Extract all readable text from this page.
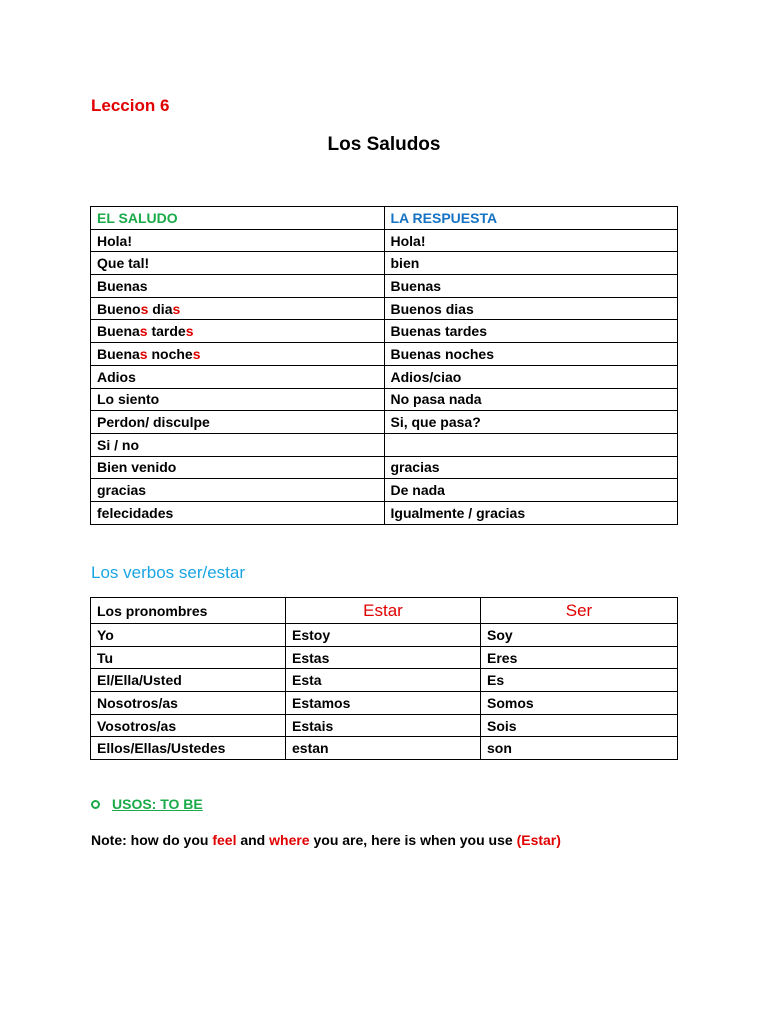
Leccion 6
Los Saludos
EL SALUDO	LA RESPUESTA
Hola!	Hola!
Que tal!	bien
Buenas	Buenas
Buenos dias	Buenos dias
Buenas tardes	Buenas tardes
Buenas noches	Buenas noches
Adios	Adios/ciao
Lo siento	No pasa nada
Perdon/ disculpe	Si, que pasa?
Si / no	
Bien venido	gracias
gracias	De nada
felecidades	Igualmente / gracias
Los verbos ser/estar
Los pronombres	Estar	Ser
Yo	Estoy	Soy
Tu	Estas	Eres
El/Ella/Usted	Esta	Es
Nosotros/as	Estamos	Somos
Vosotros/as	Estais	Sois
Ellos/Ellas/Ustedes	estan	son
USOS: TO BE
Note: how do you feel and where you are, here is when you use (Estar)
